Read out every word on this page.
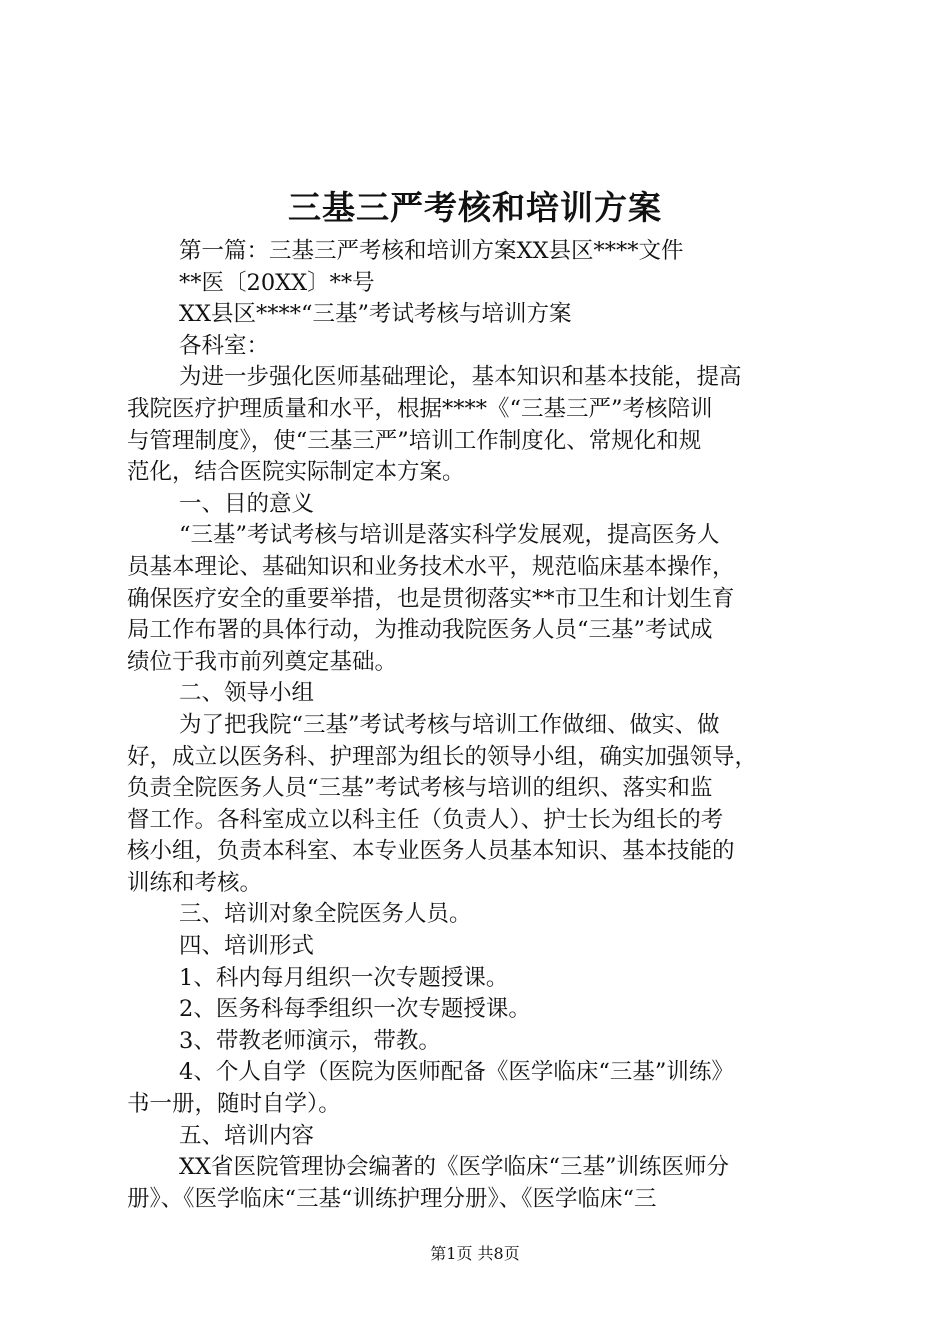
三基三严考核和培训方案
第一篇：三基三严考核和培训方案XX县区****文件
**医〔20XX〕**号
XX县区****“三基”考试考核与培训方案
各科室：
为进一步强化医师基础理论，基本知识和基本技能，提高
我院医疗护理质量和水平，根据****《“三基三严”考核陪训
与管理制度》，使“三基三严”培训工作制度化、常规化和规
范化，结合医院实际制定本方案。
一、目的意义
“三基”考试考核与培训是落实科学发展观，提高医务人
员基本理论、基础知识和业务技术水平，规范临床基本操作，
确保医疗安全的重要举措，也是贯彻落实**市卫生和计划生育
局工作布署的具体行动，为推动我院医务人员“三基”考试成
绩位于我市前列奠定基础。
二、领导小组
为了把我院“三基”考试考核与培训工作做细、做实、做
好，成立以医务科、护理部为组长的领导小组，确实加强领导，
负责全院医务人员“三基”考试考核与培训的组织、落实和监
督工作。各科室成立以科主任（负责人）、护士长为组长的考
核小组，负责本科室、本专业医务人员基本知识、基本技能的
训练和考核。
三、培训对象全院医务人员。
四、培训形式
1、科内每月组织一次专题授课。
2、医务科每季组织一次专题授课。
3、带教老师演示，带教。
4、个人自学（医院为医师配备《医学临床“三基”训练》
书一册，随时自学）。
五、培训内容
XX省医院管理协会编著的《医学临床“三基”训练医师分
册》、《医学临床“三基“训练护理分册》、《医学临床“三
第1页 共8页
